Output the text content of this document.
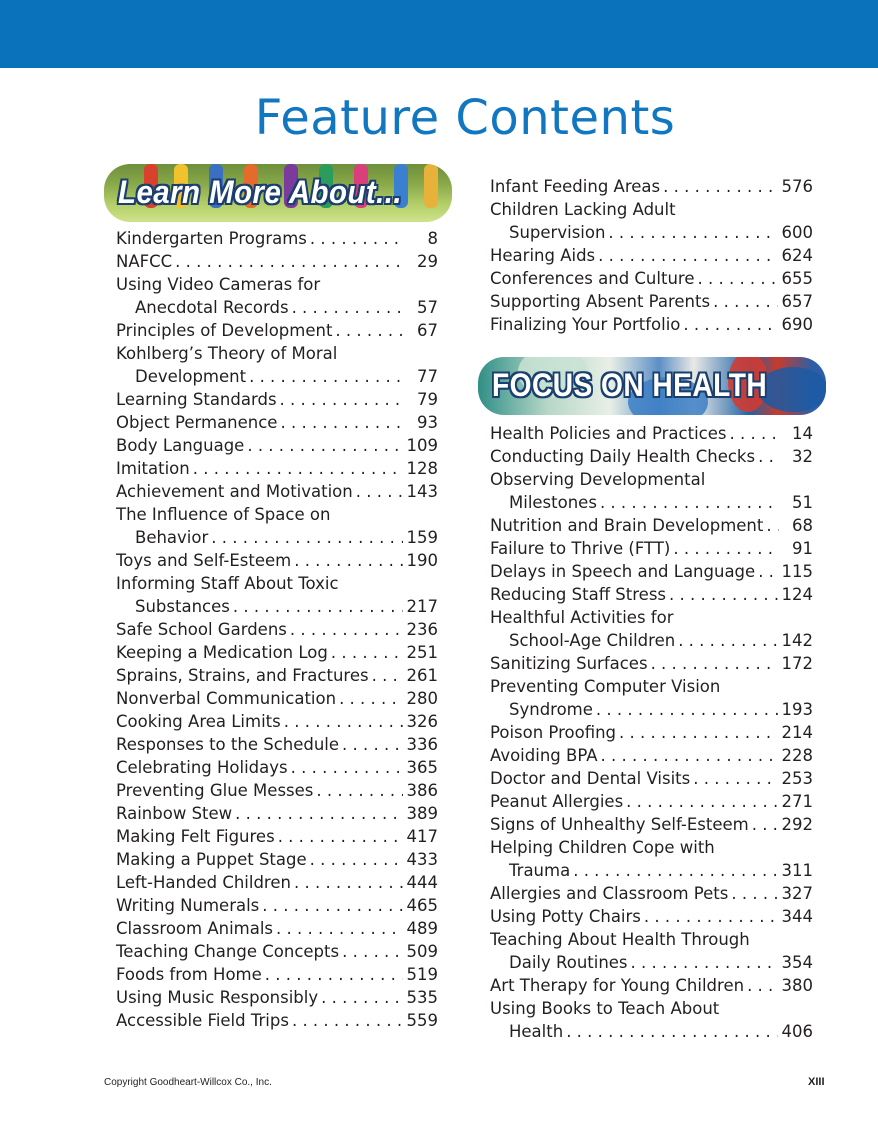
Feature Contents
Learn More About...
FOCUS ON HEALTH
Kindergarten Programs . . .	8
NAFCC . . .	29
Using Video Cameras for
Anecdotal Records . . .	57
Principles of Development . . .	67
Kohlberg’s Theory of Moral
Development . . .	77
Learning Standards . . .	79
Object Permanence . . .	93
Body Language . . .	109
Imitation . . .	128
Achievement and Motivation . . .	143
The Influence of Space on
Behavior . . .	159
Toys and Self-Esteem . . .	190
Informing Staff About Toxic
Substances . . .	217
Safe School Gardens . . .	236
Keeping a Medication Log . . .	251
Sprains, Strains, and Fractures . . . 261
Nonverbal Communication . . .	280
Cooking Area Limits . . .	326
Responses to the Schedule . . .	336
Celebrating Holidays . . .	365
Preventing Glue Messes . . .	386
Rainbow Stew . . .	389
Making Felt Figures . . .	417
Making a Puppet Stage . . .	433
Left-Handed Children . . .	444
Writing Numerals . . .	465
Classroom Animals . . .	489
Teaching Change Concepts . . .	509
Foods from Home . . .	519
Using Music Responsibly . . .	535
Accessible Field Trips . . .	559
Infant Feeding Areas . . .	576
Children Lacking Adult
Supervision . . .	600
Hearing Aids . . .	624
Conferences and Culture . . .	655
Supporting Absent Parents . . .	657
Finalizing Your Portfolio . . .	690
Health Policies and Practices . . .	14
Conducting Daily Health Checks . . .	32
Observing Developmental
Milestones . . .	51
Nutrition and Brain Development . . .	68
Failure to Thrive (FTT) . . .	91
Delays in Speech and Language . . . 115
Reducing Staff Stress . . .	124
Healthful Activities for
School-Age Children . . .	142
Sanitizing Surfaces . . .	172
Preventing Computer Vision
Syndrome . . .	193
Poison Proofing . . .	214
Avoiding BPA . . .	228
Doctor and Dental Visits . . .	253
Peanut Allergies . . .	271
Signs of Unhealthy Self-Esteem . . . 292
Helping Children Cope with
Trauma . . .	311
Allergies and Classroom Pets . . .	327
Using Potty Chairs . . .	344
Teaching About Health Through
Daily Routines . . .	354
Art Therapy for Young Children . . . 380
Using Books to Teach About
Health . . .	406
Copyright Goodheart-Willcox Co., Inc.	XIII
